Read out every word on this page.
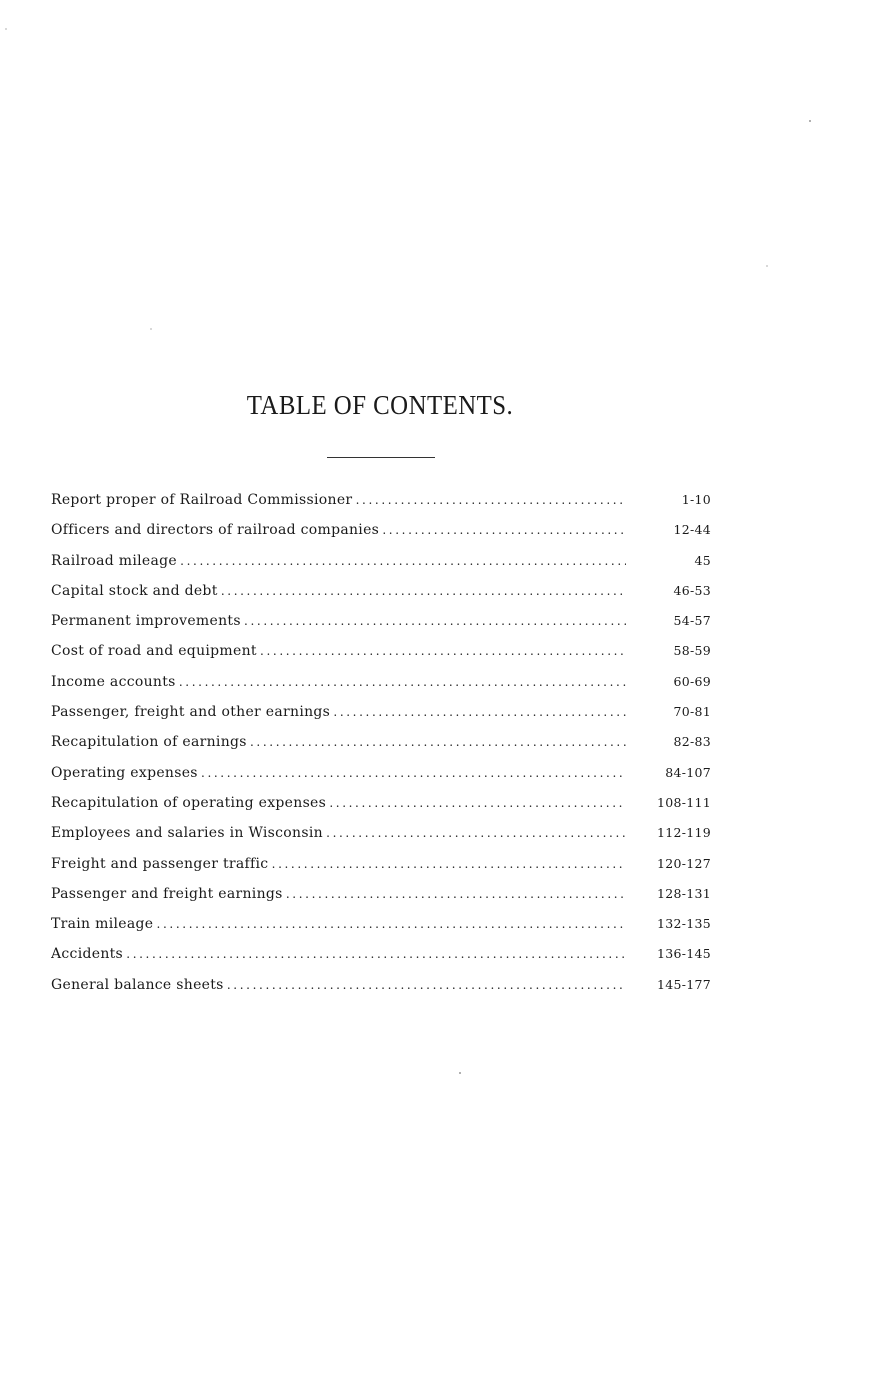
TABLE OF CONTENTS.
Report proper of Railroad Commissioner . . .	1-10
Officers and directors of railroad companies . . .	12-44
Railroad mileage . . .	45
Capital stock and debt . . .	46-53
Permanent improvements . . .	54-57
Cost of road and equipment . . .	58-59
Income accounts . . .	60-69
Passenger, freight and other earnings . . .	70-81
Recapitulation of earnings . . .	82-83
Operating expenses . . .	84-107
Recapitulation of operating expenses . . .	108-111
Employees and salaries in Wisconsin . . .	112-119
Freight and passenger traffic . . .	120-127
Passenger and freight earnings . . .	128-131
Train mileage . . .	132-135
Accidents . . .	136-145
General balance sheets . . .	145-177
